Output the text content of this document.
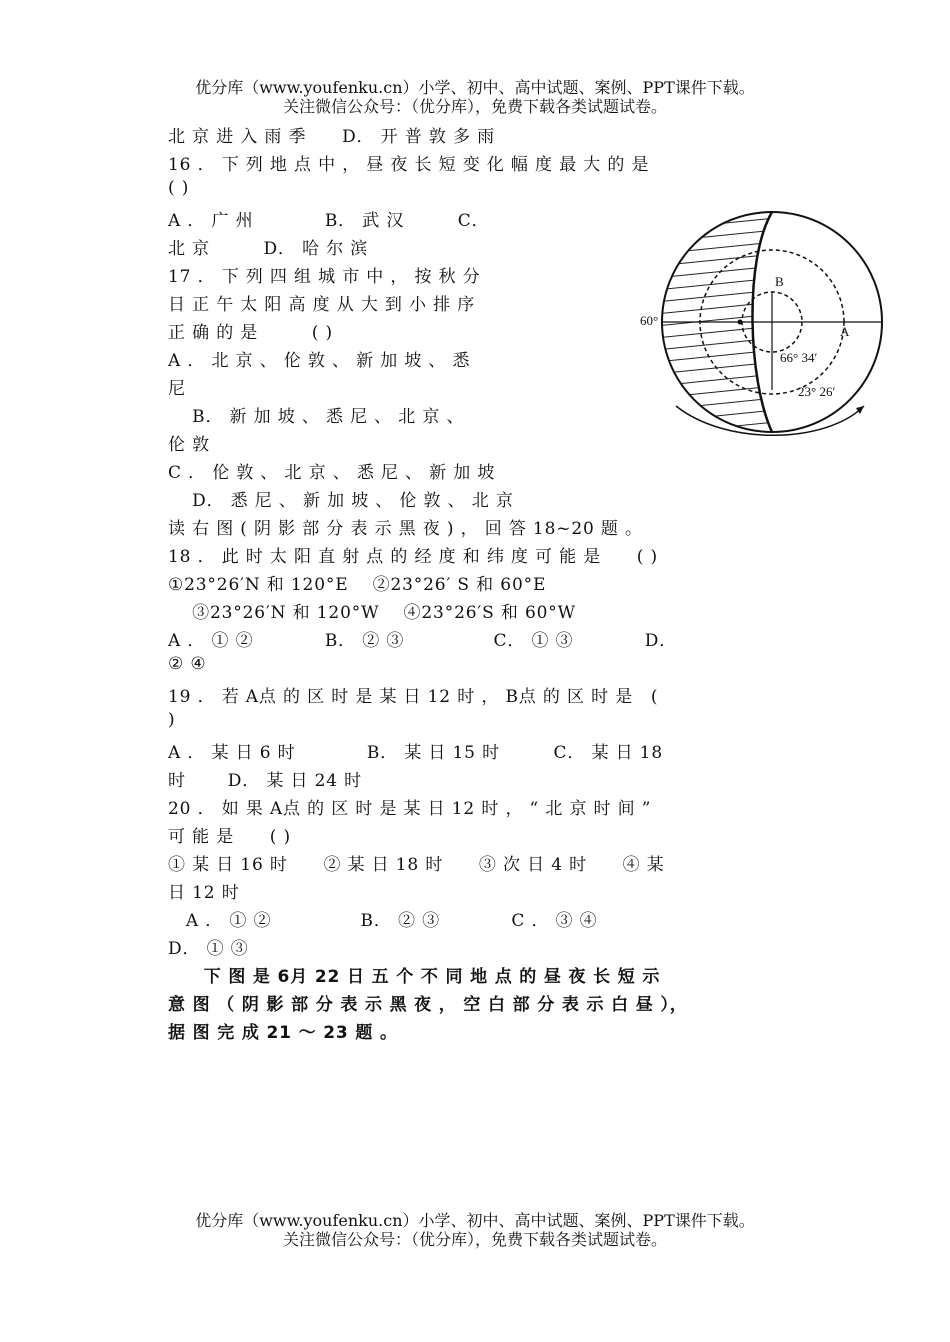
优分库（www.youfenku.cn）小学、初中、高中试题、案例、PPT课件下载。
关注微信公众号：（优分库），免费下载各类试题试卷。
北 京 进 入 雨 季　　D． 开 普 敦 多 雨
16 ． 下 列 地 点 中 ， 昼 夜 长 短 变 化 幅 度 最 大 的 是
( )
A ． 广 州　　　　B． 武 汉　　　C．
北 京　　　D． 哈 尔 滨
17 ． 下 列 四 组 城 市 中 ， 按 秋 分
日 正 午 太 阳 高 度 从 大 到 小 排 序
正 确 的 是　　　( )
A ． 北 京 、 伦 敦 、 新 加 坡 、 悉
尼
　 B． 新 加 坡 、 悉 尼 、 北 京 、
伦 敦
C ． 伦 敦 、 北 京 、 悉 尼 、 新 加 坡
　 D． 悉 尼 、 新 加 坡 、 伦 敦 、 北 京
读 右 图 ( 阴 影 部 分 表 示 黑 夜 ) ， 回 答 18~20 题 。
18 ． 此 时 太 阳 直 射 点 的 经 度 和 纬 度 可 能 是　　( )
①23°26′N 和 120°E　 ②23°26′ S 和 60°E
　 ③23°26′N 和 120°W　 ④23°26′S 和 60°W
A ． ① ②　　　　B． ② ③　　　　　C． ① ③　　　　D．
② ④
19 ． 若 A点 的 区 时 是 某 日 12 时 ， B点 的 区 时 是　(
)
A ． 某 日 6 时　　　　B． 某 日 15 时　　　C． 某 日 18
时　　 D． 某 日 24 时
20 ． 如 果 A点 的 区 时 是 某 日 12 时 ， “ 北 京 时 间 ”
可 能 是　　( )
① 某 日 16 时　　② 某 日 18 时　　③ 次 日 4 时　　④ 某
日 12 时
　A ． ① ②　　　　　B． ② ③　　　　C ． ③ ④
D． ① ③
　　下 图 是 6月 22 日 五 个 不 同 地 点 的 昼 夜 长 短 示
意 图 （ 阴 影 部 分 表 示 黑 夜 ， 空 白 部 分 表 示 白 昼 ），
据 图 完 成 21 ～ 23 题 。
60°
A
B
66° 34′
23° 26′
优分库（www.youfenku.cn）小学、初中、高中试题、案例、PPT课件下载。
关注微信公众号：（优分库），免费下载各类试题试卷。
